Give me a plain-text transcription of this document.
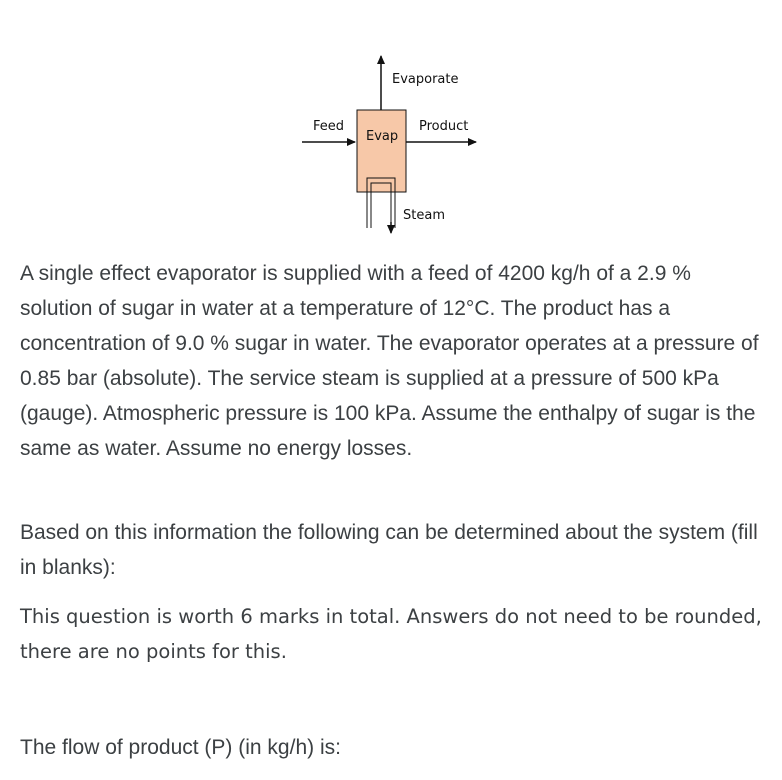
Evaporate
Feed
Evap
Product
Steam

A single effect evaporator is supplied with a feed of 4200 kg/h of a 2.9 % solution of sugar in water at a temperature of 12°C. The product has a concentration of 9.0 % sugar in water. The evaporator operates at a pressure of 0.85 bar (absolute). The service steam is supplied at a pressure of 500 kPa (gauge). Atmospheric pressure is 100 kPa. Assume the enthalpy of sugar is the same as water. Assume no energy losses.

Based on this information the following can be determined about the system (fill in blanks):

This question is worth 6 marks in total. Answers do not need to be rounded, there are no points for this.

The flow of product (P) (in kg/h) is:
